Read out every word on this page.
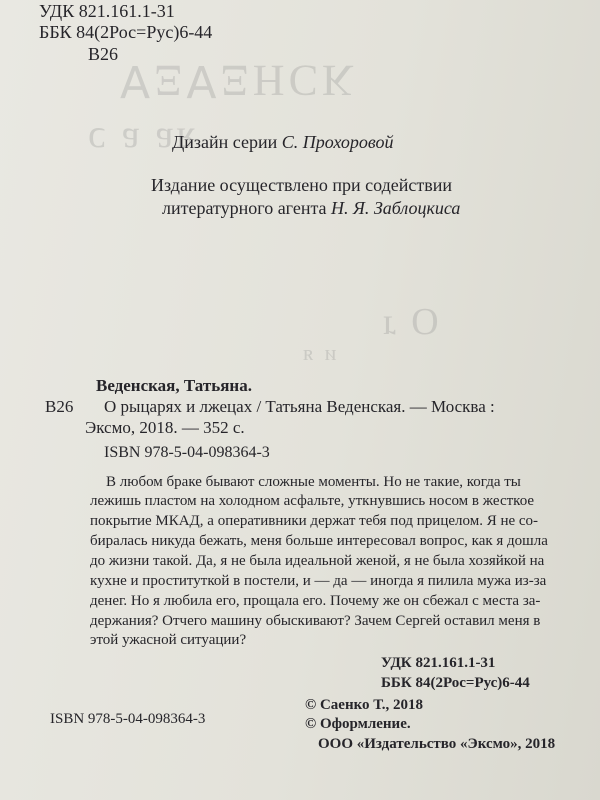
ⱯΞⱯΞΗCΚ
ᴚɐ ɐ ɔ
O ɹ
ᴎ ᴙ
УДК 821.161.1-31
ББК 84(2Рос=Рус)6-44
В26
Дизайн серии С. Прохоровой
Издание осуществлено при содействии
литературного агента Н. Я. Заблоцкиса
Веденская, Татьяна.
В26 О рыцарях и лжецах / Татьяна Веденская. — Москва :
Эксмо, 2018. — 352 с.
ISBN 978-5-04-098364-3
В любом браке бывают сложные моменты. Но не такие, когда ты
лежишь пластом на холодном асфальте, уткнувшись носом в жесткое
покрытие МКАД, а оперативники держат тебя под прицелом. Я не со-
биралась никуда бежать, меня больше интересовал вопрос, как я дошла
до жизни такой. Да, я не была идеальной женой, я не была хозяйкой на
кухне и проституткой в постели, и — да — иногда я пилила мужа из-за
денег. Но я любила его, прощала его. Почему же он сбежал с места за-
держания? Отчего машину обыскивают? Зачем Сергей оставил меня в
этой ужасной ситуации?
УДК 821.161.1-31
ББК 84(2Рос=Рус)6-44
ISBN 978-5-04-098364-3
© Саенко Т., 2018
© Оформление.
ООО «Издательство «Эксмо», 2018
